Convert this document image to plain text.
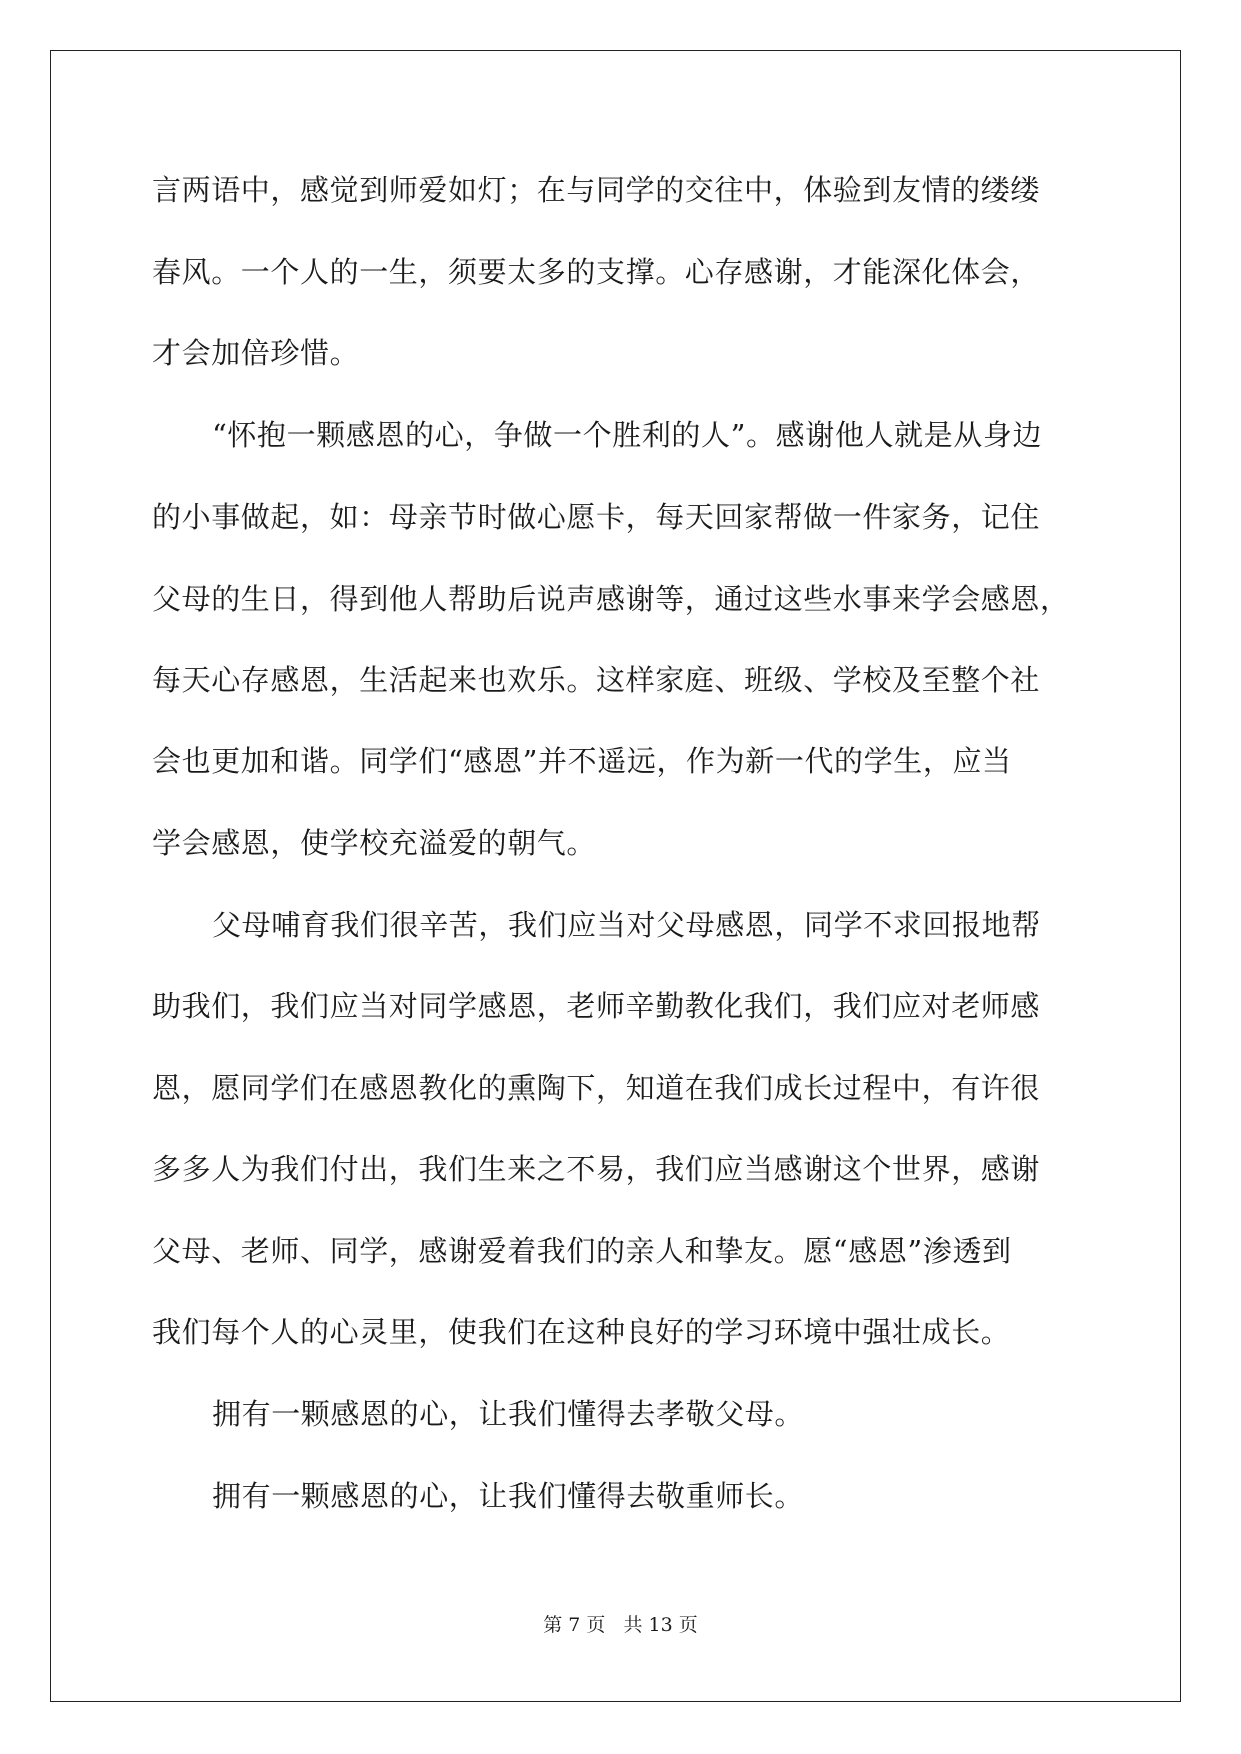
言两语中，感觉到师爱如灯；在与同学的交往中，体验到友情的缕缕
春风。一个人的一生，须要太多的支撑。心存感谢，才能深化体会，
才会加倍珍惜。
“怀抱一颗感恩的心，争做一个胜利的人”。感谢他人就是从身边
的小事做起，如：母亲节时做心愿卡，每天回家帮做一件家务，记住
父母的生日，得到他人帮助后说声感谢等，通过这些水事来学会感恩，
每天心存感恩，生活起来也欢乐。这样家庭、班级、学校及至整个社
会也更加和谐。同学们“感恩”并不遥远，作为新一代的学生，应当
学会感恩，使学校充溢爱的朝气。
父母哺育我们很辛苦，我们应当对父母感恩，同学不求回报地帮
助我们，我们应当对同学感恩，老师辛勤教化我们，我们应对老师感
恩，愿同学们在感恩教化的熏陶下，知道在我们成长过程中，有许很
多多人为我们付出，我们生来之不易，我们应当感谢这个世界，感谢
父母、老师、同学，感谢爱着我们的亲人和挚友。愿“感恩”渗透到
我们每个人的心灵里，使我们在这种良好的学习环境中强壮成长。
拥有一颗感恩的心，让我们懂得去孝敬父母。
拥有一颗感恩的心，让我们懂得去敬重师长。
第 7 页   共 13 页
